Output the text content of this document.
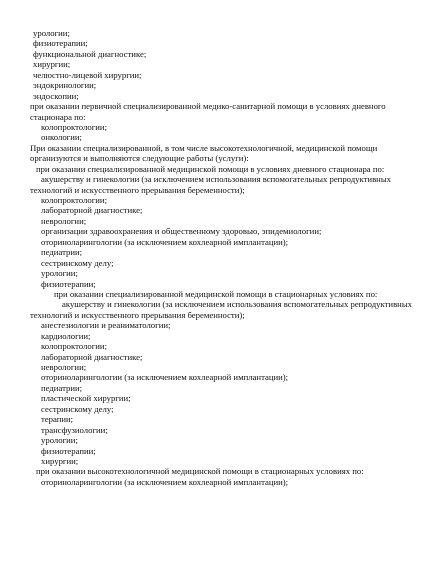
урологии;
физиотерапии;
функциональной диагностике;
хирургии;
челюстно-лицевой хирургии;
эндокринологии;
эндоскопии;
при оказании первичной специализированной медико-санитарной помощи в условиях дневного
стационара по:
колопроктологии;
онкологии;
При оказании специализированной, в том числе высокотехнологичной, медицинской помощи
организуются и выполняются следующие работы (услуги):
при оказании специализированной медицинской помощи в условиях дневного стационара по:
акушерству и гинекологии (за исключением использования вспомогательных репродуктивных
технологий и искусственного прерывания беременности);
колопроктологии;
лабораторной диагностике;
неврологии;
организации здравоохранения и общественному здоровью, эпидемиологии;
оториноларингологии (за исключением кохлеарной имплантации);
педиатрии;
сестринскому делу;
урологии;
физиотерапии;
при оказании специализированной медицинской помощи в стационарных условиях по:
акушерству и гинекологии (за исключением использования вспомогательных репродуктивных
технологий и искусственного прерывания беременности);
анестезиологии и реаниматологии;
кардиологии;
колопроктологии;
лабораторной диагностике;
неврологии;
оториноларингологии (за исключением кохлеарной имплантации);
педиатрии;
пластической хирургии;
сестринскому делу;
терапии;
трансфузиологии;
урологии;
физиотерапии;
хирургии;
при оказании высокотехнологичной медицинской помощи в стационарных условиях по:
оториноларингологии (за исключением кохлеарной имплантации);
